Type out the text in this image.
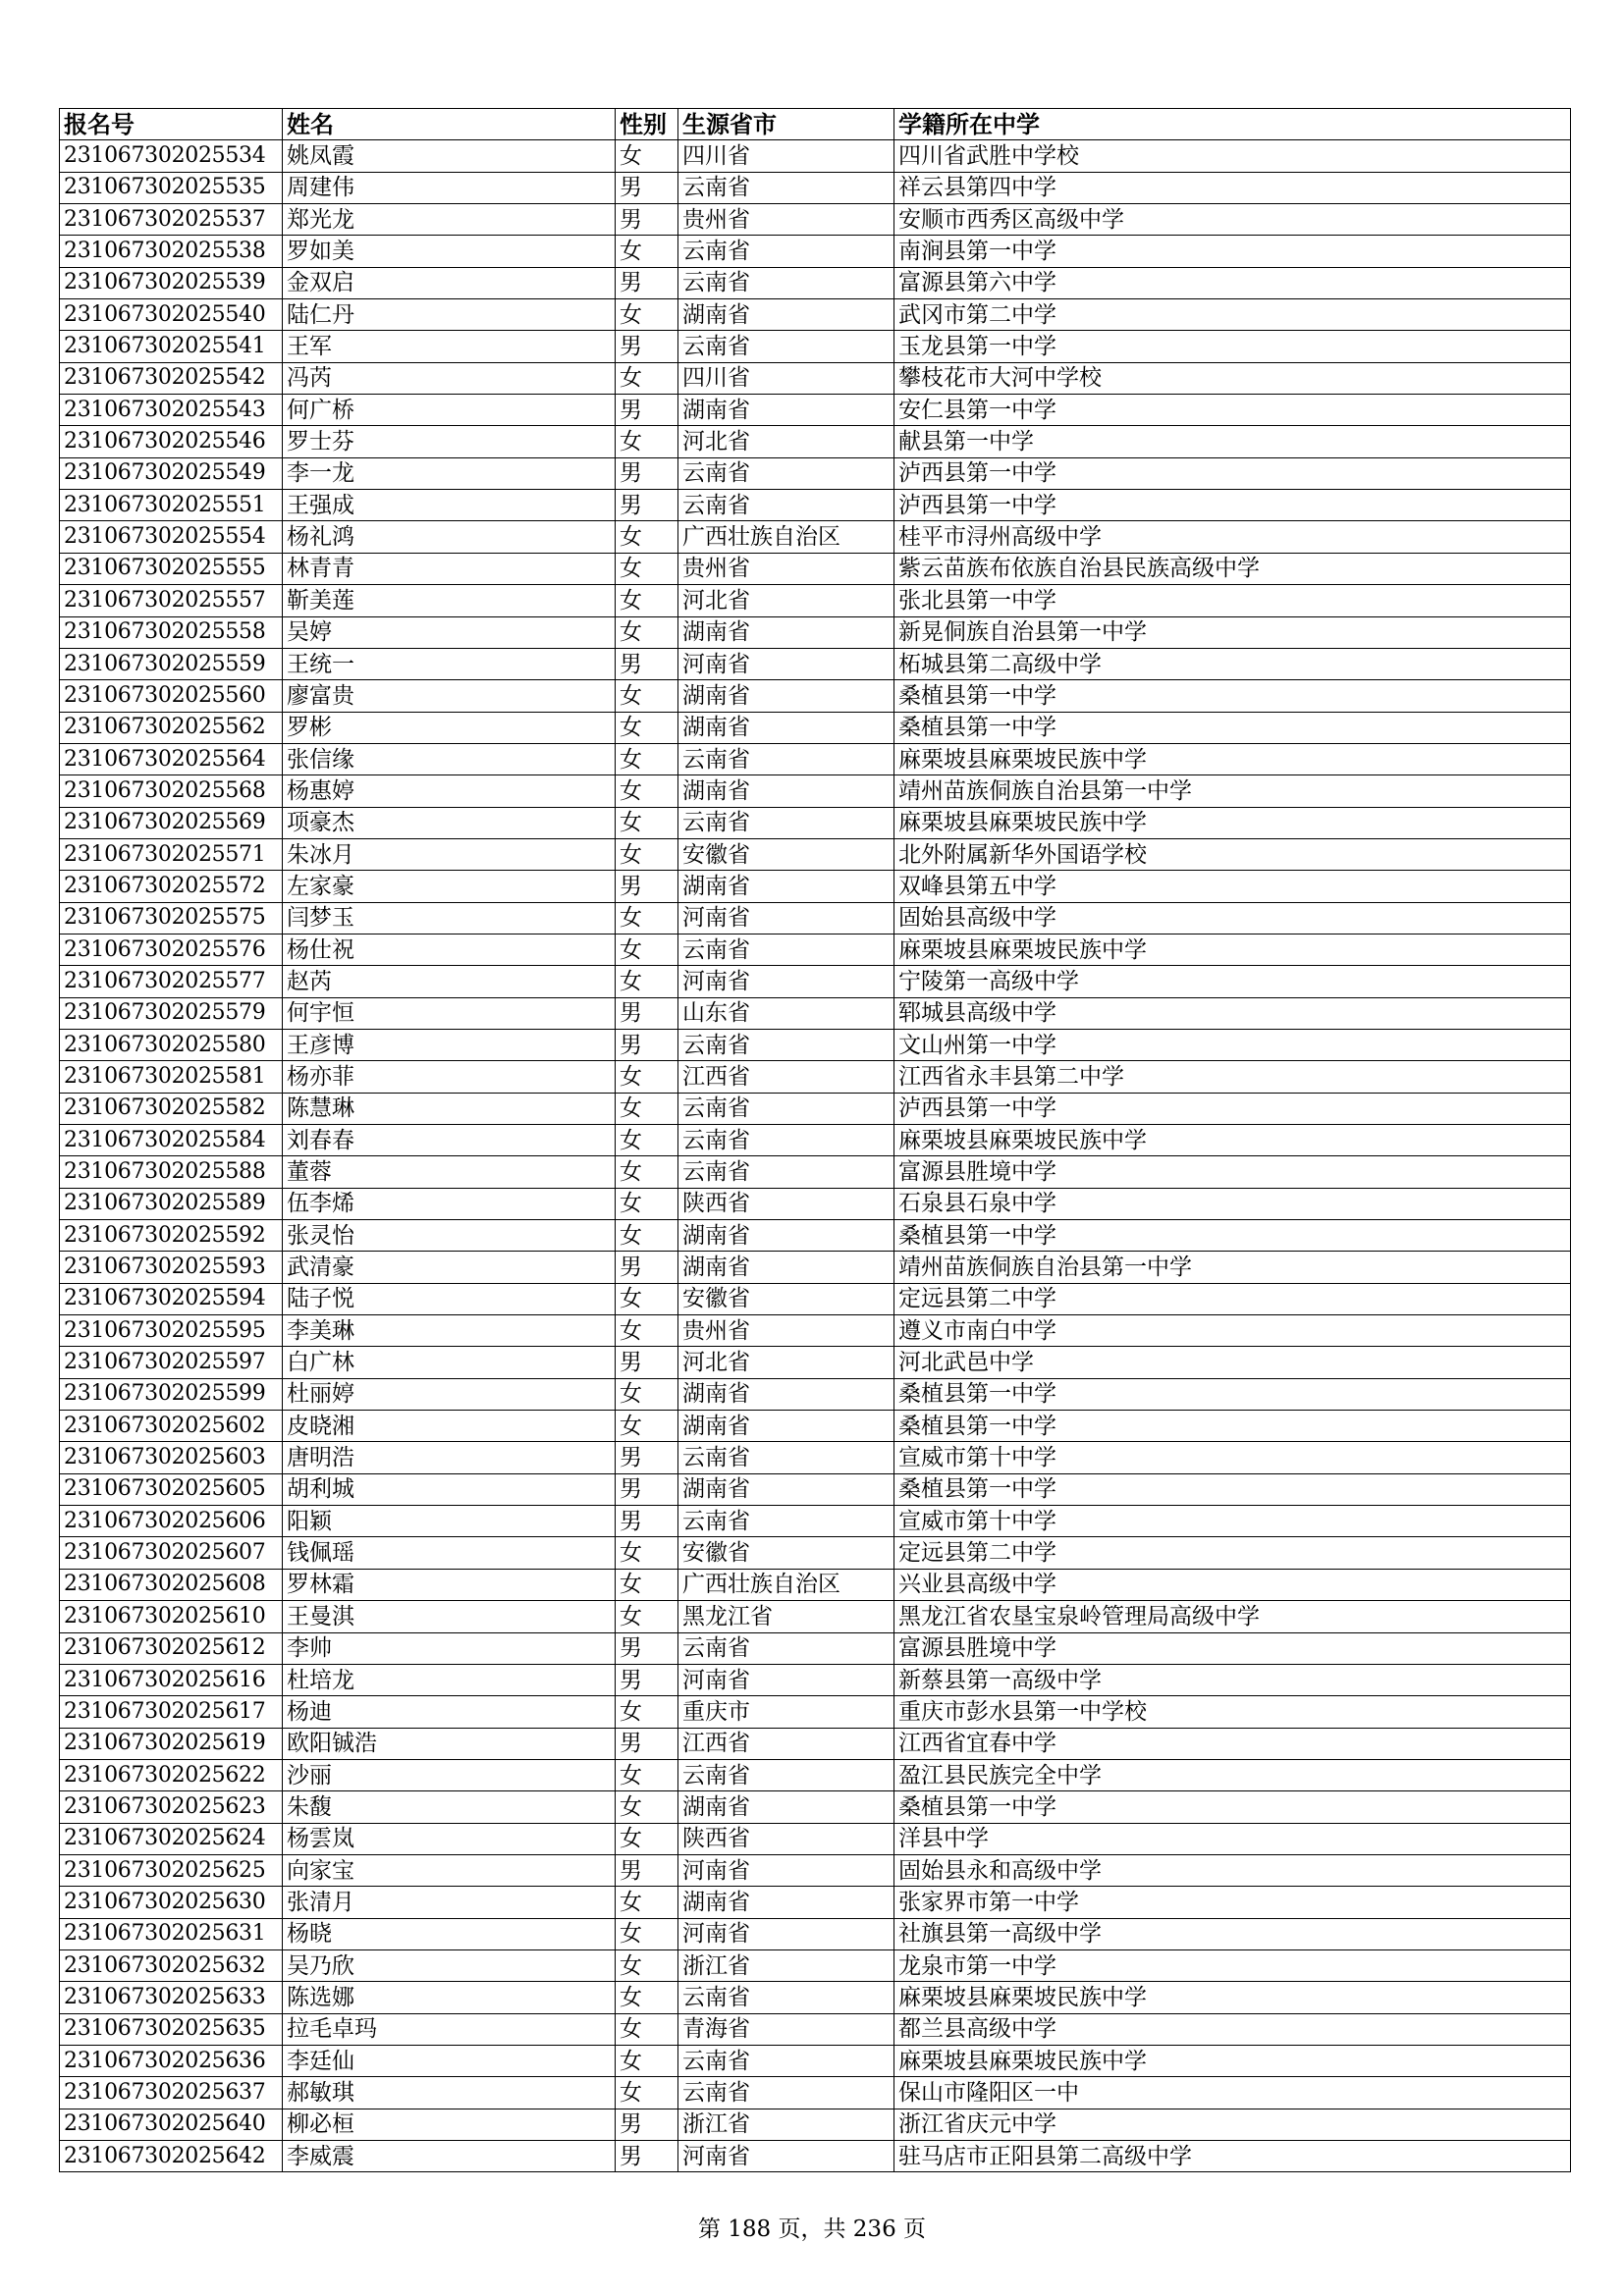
报名号	姓名	性别	生源省市	学籍所在中学
231067302025534	姚凤霞	女	四川省	四川省武胜中学校
231067302025535	周建伟	男	云南省	祥云县第四中学
231067302025537	郑光龙	男	贵州省	安顺市西秀区高级中学
231067302025538	罗如美	女	云南省	南涧县第一中学
231067302025539	金双启	男	云南省	富源县第六中学
231067302025540	陆仁丹	女	湖南省	武冈市第二中学
231067302025541	王军	男	云南省	玉龙县第一中学
231067302025542	冯芮	女	四川省	攀枝花市大河中学校
231067302025543	何广桥	男	湖南省	安仁县第一中学
231067302025546	罗士芬	女	河北省	献县第一中学
231067302025549	李一龙	男	云南省	泸西县第一中学
231067302025551	王强成	男	云南省	泸西县第一中学
231067302025554	杨礼鸿	女	广西壮族自治区	桂平市浔州高级中学
231067302025555	林青青	女	贵州省	紫云苗族布依族自治县民族高级中学
231067302025557	靳美莲	女	河北省	张北县第一中学
231067302025558	吴婷	女	湖南省	新晃侗族自治县第一中学
231067302025559	王统一	男	河南省	柘城县第二高级中学
231067302025560	廖富贵	女	湖南省	桑植县第一中学
231067302025562	罗彬	女	湖南省	桑植县第一中学
231067302025564	张信缘	女	云南省	麻栗坡县麻栗坡民族中学
231067302025568	杨惠婷	女	湖南省	靖州苗族侗族自治县第一中学
231067302025569	项豪杰	女	云南省	麻栗坡县麻栗坡民族中学
231067302025571	朱冰月	女	安徽省	北外附属新华外国语学校
231067302025572	左家豪	男	湖南省	双峰县第五中学
231067302025575	闫梦玉	女	河南省	固始县高级中学
231067302025576	杨仕祝	女	云南省	麻栗坡县麻栗坡民族中学
231067302025577	赵芮	女	河南省	宁陵第一高级中学
231067302025579	何宇恒	男	山东省	郓城县高级中学
231067302025580	王彦博	男	云南省	文山州第一中学
231067302025581	杨亦菲	女	江西省	江西省永丰县第二中学
231067302025582	陈慧琳	女	云南省	泸西县第一中学
231067302025584	刘春春	女	云南省	麻栗坡县麻栗坡民族中学
231067302025588	董蓉	女	云南省	富源县胜境中学
231067302025589	伍李烯	女	陕西省	石泉县石泉中学
231067302025592	张灵怡	女	湖南省	桑植县第一中学
231067302025593	武清豪	男	湖南省	靖州苗族侗族自治县第一中学
231067302025594	陆子悦	女	安徽省	定远县第二中学
231067302025595	李美琳	女	贵州省	遵义市南白中学
231067302025597	白广林	男	河北省	河北武邑中学
231067302025599	杜丽婷	女	湖南省	桑植县第一中学
231067302025602	皮晓湘	女	湖南省	桑植县第一中学
231067302025603	唐明浩	男	云南省	宣威市第十中学
231067302025605	胡利城	男	湖南省	桑植县第一中学
231067302025606	阳颖	男	云南省	宣威市第十中学
231067302025607	钱佩瑶	女	安徽省	定远县第二中学
231067302025608	罗林霜	女	广西壮族自治区	兴业县高级中学
231067302025610	王曼淇	女	黑龙江省	黑龙江省农垦宝泉岭管理局高级中学
231067302025612	李帅	男	云南省	富源县胜境中学
231067302025616	杜培龙	男	河南省	新蔡县第一高级中学
231067302025617	杨迪	女	重庆市	重庆市彭水县第一中学校
231067302025619	欧阳铖浩	男	江西省	江西省宜春中学
231067302025622	沙丽	女	云南省	盈江县民族完全中学
231067302025623	朱馥	女	湖南省	桑植县第一中学
231067302025624	杨雲岚	女	陕西省	洋县中学
231067302025625	向家宝	男	河南省	固始县永和高级中学
231067302025630	张清月	女	湖南省	张家界市第一中学
231067302025631	杨晓	女	河南省	社旗县第一高级中学
231067302025632	吴乃欣	女	浙江省	龙泉市第一中学
231067302025633	陈选娜	女	云南省	麻栗坡县麻栗坡民族中学
231067302025635	拉毛卓玛	女	青海省	都兰县高级中学
231067302025636	李廷仙	女	云南省	麻栗坡县麻栗坡民族中学
231067302025637	郝敏琪	女	云南省	保山市隆阳区一中
231067302025640	柳必桓	男	浙江省	浙江省庆元中学
231067302025642	李威震	男	河南省	驻马店市正阳县第二高级中学
第 188 页，共 236 页
